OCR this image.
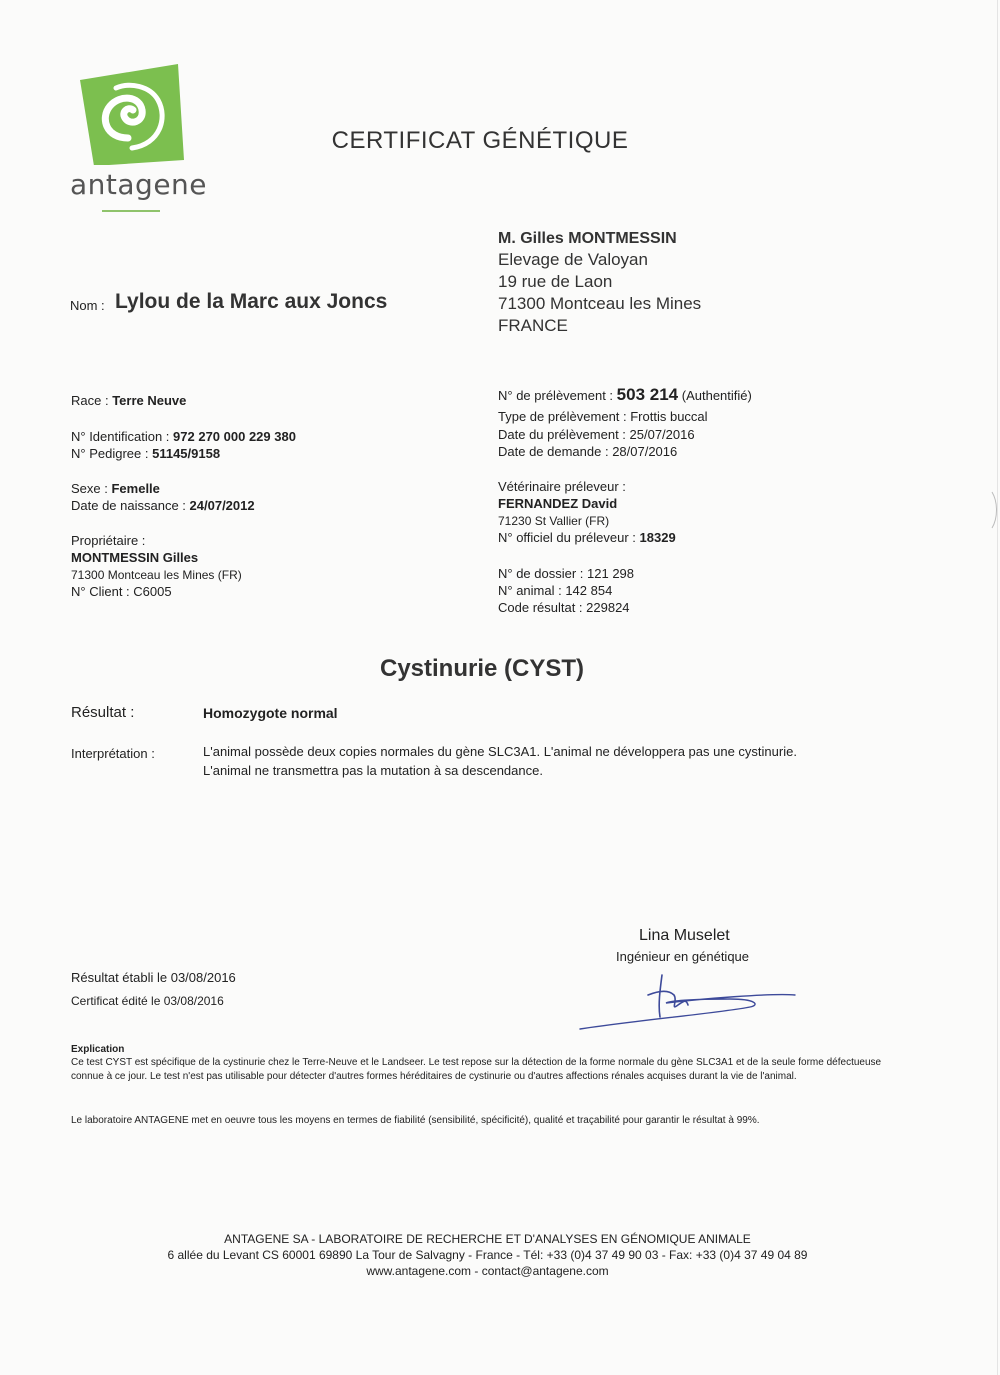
antagene
CERTIFICAT GÉNÉTIQUE
M. Gilles MONTMESSIN
Elevage de Valoyan
19 rue de Laon
71300 Montceau les Mines
FRANCE
Nom : Lylou de la Marc aux Joncs
Race : Terre Neuve
N° Identification : 972 270 000 229 380
N° Pedigree : 51145/9158
Sexe : Femelle
Date de naissance : 24/07/2012
Propriétaire :
MONTMESSIN Gilles
71300 Montceau les Mines (FR)
N° Client : C6005
N° de prélèvement : 503 214 (Authentifié)
Type de prélèvement : Frottis buccal
Date du prélèvement : 25/07/2016
Date de demande : 28/07/2016
Vétérinaire préleveur :
FERNANDEZ David
71230 St Vallier (FR)
N° officiel du préleveur : 18329
N° de dossier : 121 298
N° animal : 142 854
Code résultat : 229824
Cystinurie (CYST)
Résultat :	Homozygote normal
Interprétation :	L'animal possède deux copies normales du gène SLC3A1. L'animal ne développera pas une cystinurie.
L'animal ne transmettra pas la mutation à sa descendance.
Lina Muselet
Ingénieur en génétique
Résultat établi le 03/08/2016
Certificat édité le 03/08/2016
Explication
Ce test CYST est spécifique de la cystinurie chez le Terre-Neuve et le Landseer. Le test repose sur la détection de la forme normale du gène SLC3A1 et de la seule forme défectueuse connue à ce jour. Le test n'est pas utilisable pour détecter d'autres formes héréditaires de cystinurie ou d'autres affections rénales acquises durant la vie de l'animal.
Le laboratoire ANTAGENE met en oeuvre tous les moyens en termes de fiabilité (sensibilité, spécificité), qualité et traçabilité pour garantir le résultat à 99%.
ANTAGENE SA - LABORATOIRE DE RECHERCHE ET D'ANALYSES EN GÉNOMIQUE ANIMALE
6 allée du Levant CS 60001 69890 La Tour de Salvagny - France - Tél: +33 (0)4 37 49 90 03 - Fax: +33 (0)4 37 49 04 89
www.antagene.com - contact@antagene.com
